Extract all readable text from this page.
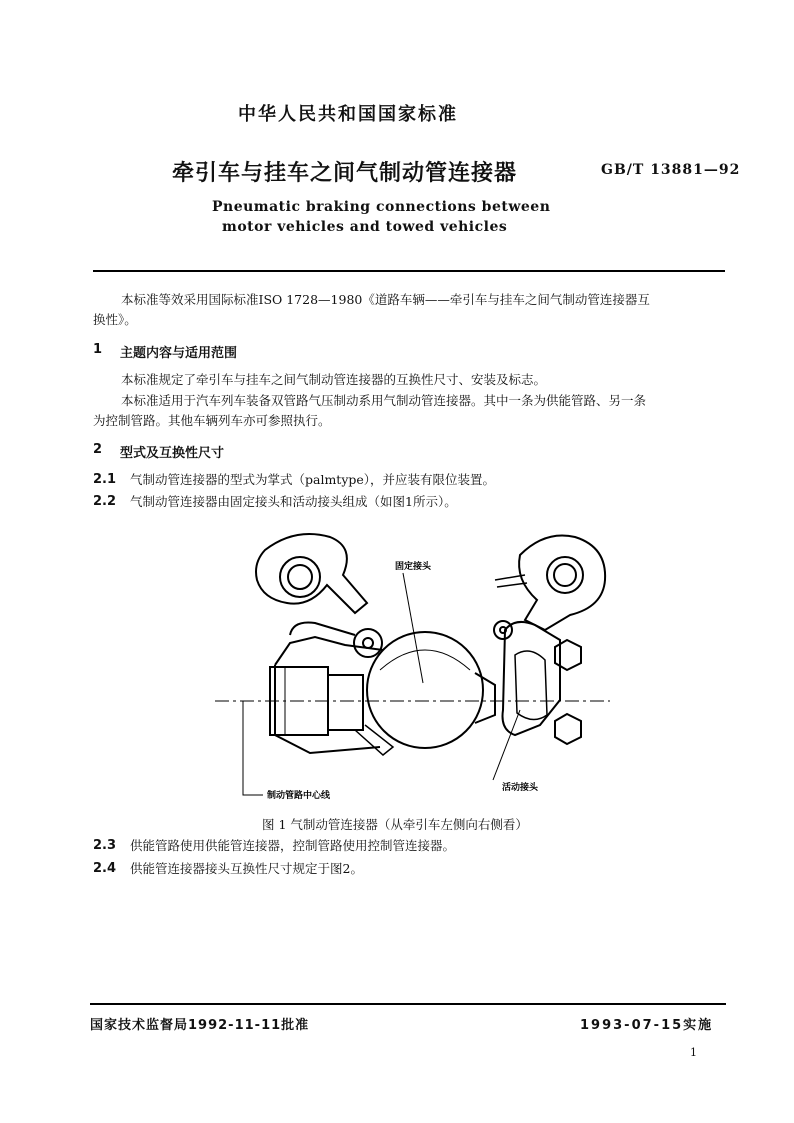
中华人民共和国国家标准
牵引车与挂车之间气制动管连接器	GB/T 13881—92
Pneumatic braking connections between
motor vehicles and towed vehicles
本标准等效采用国际标准ISO 1728—1980《道路车辆——牵引车与挂车之间气制动管连接器互
换性》。
1 主题内容与适用范围
本标准规定了牵引车与挂车之间气制动管连接器的互换性尺寸、安装及标志。
本标准适用于汽车列车装备双管路气压制动系用气制动管连接器。其中一条为供能管路、另一条
为控制管路。其他车辆列车亦可参照执行。
2 型式及互换性尺寸
2.1 气制动管连接器的型式为掌式（palmtype），并应装有限位装置。
2.2 气制动管连接器由固定接头和活动接头组成（如图1所示）。
固定接头
活动接头
制动管路中心线
图 1 气制动管连接器（从牵引车左侧向右侧看）
2.3 供能管路使用供能管连接器，控制管路使用控制管连接器。
2.4 供能管连接器接头互换性尺寸规定于图2。
国家技术监督局1992-11-11批准	1993-07-15实施
1
